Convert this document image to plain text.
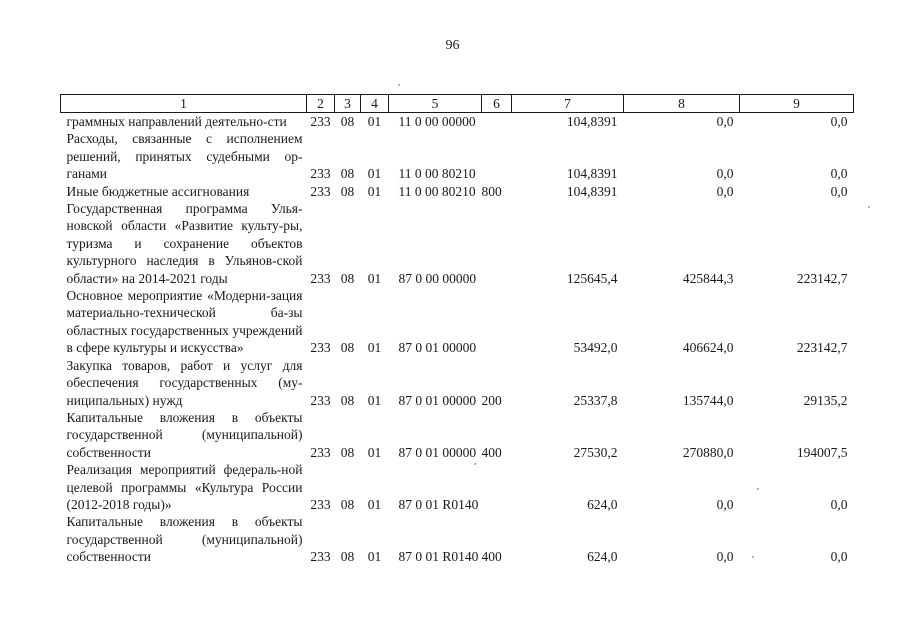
96
1	2	3	4	5	6	7	8	9
граммных направлений деятельно-сти	233	08	01	11 0 00 00000		104,8391	0,0	0,0
Расходы, связанные с исполнением решений, принятых судебными ор-ганами	233	08	01	11 0 00 80210		104,8391	0,0	0,0
Иные бюджетные ассигнования	233	08	01	11 0 00 80210	800	104,8391	0,0	0,0
Государственная программа Улья-новской области «Развитие культу-ры, туризма и сохранение объектов культурного наследия в Ульянов-ской области» на 2014-2021 годы	233	08	01	87 0 00 00000		125645,4	425844,3	223142,7
Основное мероприятие «Модерни-зация материально-технической ба-зы областных государственных учреждений в сфере культуры и искусства»	233	08	01	87 0 01 00000		53492,0	406624,0	223142,7
Закупка товаров, работ и услуг для обеспечения государственных (му-ниципальных) нужд	233	08	01	87 0 01 00000	200	25337,8	135744,0	29135,2
Капитальные вложения в объекты государственной (муниципальной) собственности	233	08	01	87 0 01 00000	400	27530,2	270880,0	194007,5
Реализация мероприятий федераль-ной целевой программы «Культура России (2012-2018 годы)»	233	08	01	87 0 01 R0140		624,0	0,0	0,0
Капитальные вложения в объекты государственной (муниципальной) собственности	233	08	01	87 0 01 R0140	400	624,0	0,0	0,0
